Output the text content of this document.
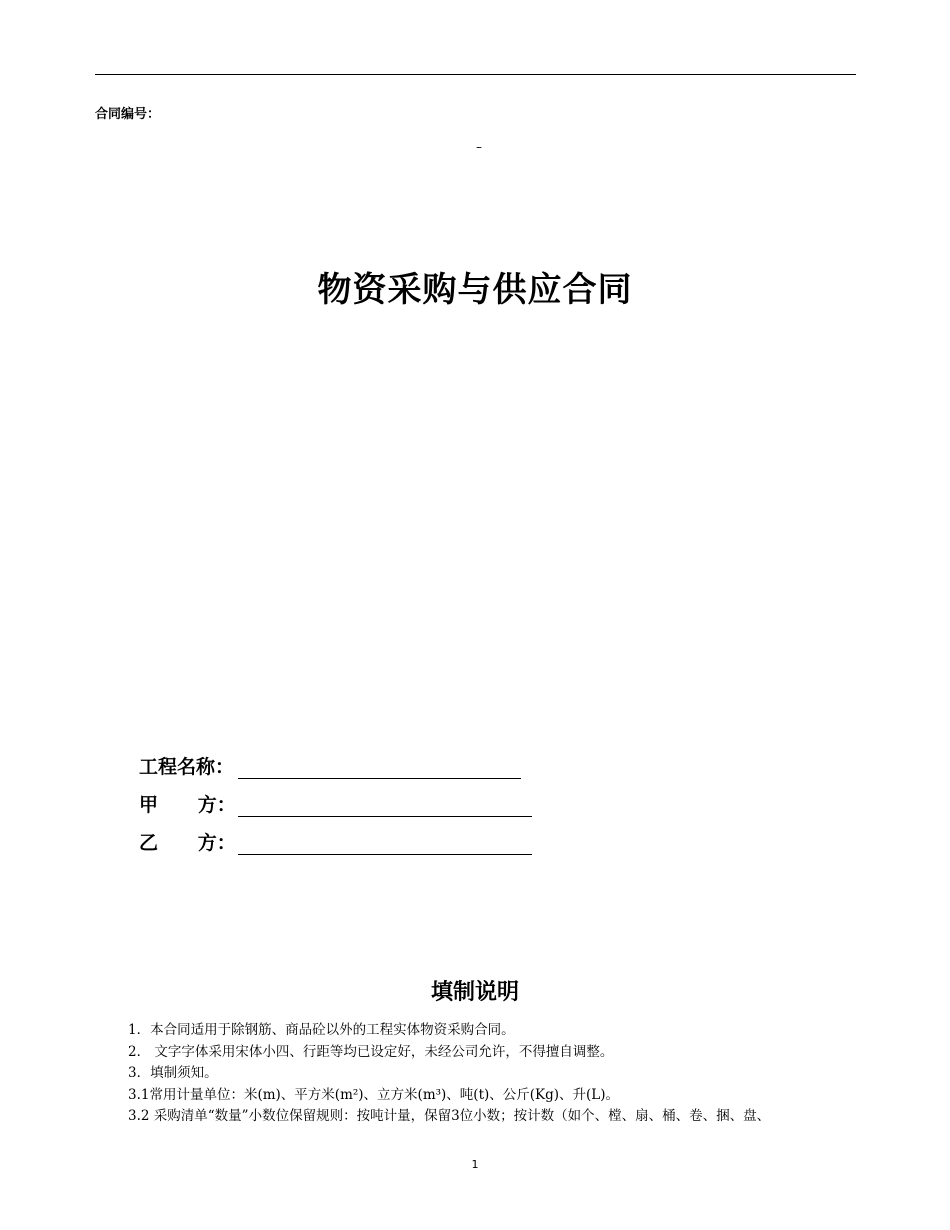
合同编号：
–
物资采购与供应合同
工程名称：
甲      方：
乙      方：
填制说明
1．本合同适用于除钢筋、商品砼以外的工程实体物资采购合同。
2． 文字字体采用宋体小四、行距等均已设定好，未经公司允许，不得擅自调整。
3．填制须知。
3.1常用计量单位：米(m)、平方米(m²)、立方米(m³)、吨(t)、公斤(Kg)、升(L)。
3.2 采购清单“数量”小数位保留规则：按吨计量，保留3位小数；按计数（如个、樘、扇、桶、卷、捆、盘、
1
